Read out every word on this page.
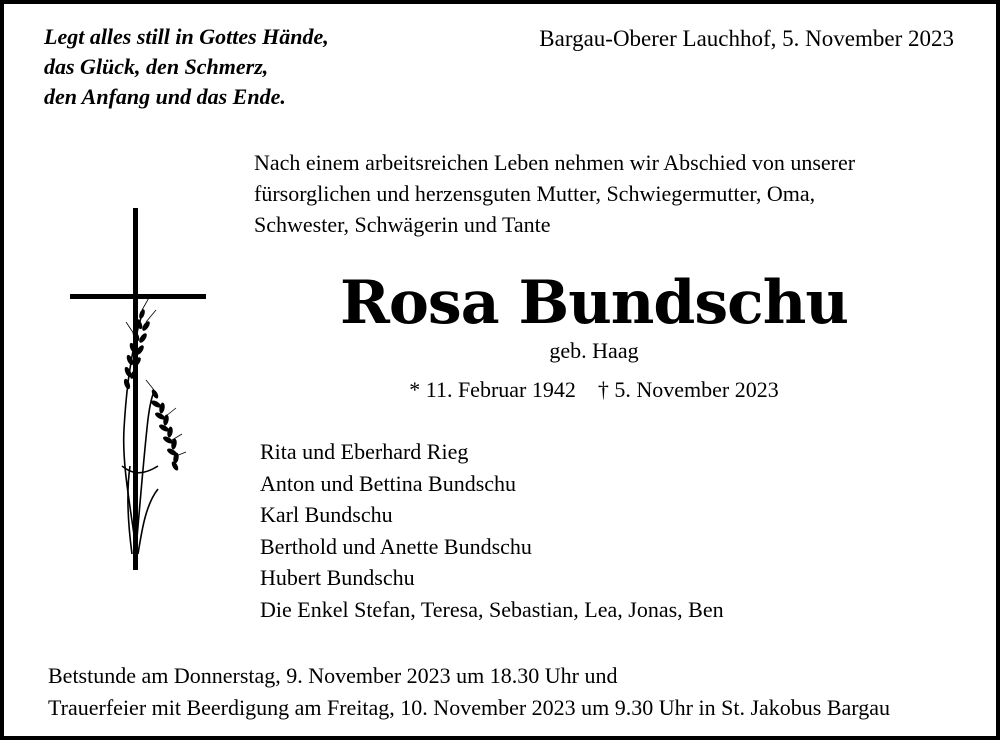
Legt alles still in Gottes Hände,
das Glück, den Schmerz,
den Anfang und das Ende.
Bargau-Oberer Lauchhof, 5. November 2023
Nach einem arbeitsreichen Leben nehmen wir Abschied von unserer
fürsorglichen und herzensguten Mutter, Schwiegermutter, Oma,
Schwester, Schwägerin und Tante
Rosa Bundschu
geb. Haag
* 11. Februar 1942 † 5. November 2023
Rita und Eberhard Rieg
Anton und Bettina Bundschu
Karl Bundschu
Berthold und Anette Bundschu
Hubert Bundschu
Die Enkel Stefan, Teresa, Sebastian, Lea, Jonas, Ben
Betstunde am Donnerstag, 9. November 2023 um 18.30 Uhr und
Trauerfeier mit Beerdigung am Freitag, 10. November 2023 um 9.30 Uhr in St. Jakobus Bargau
